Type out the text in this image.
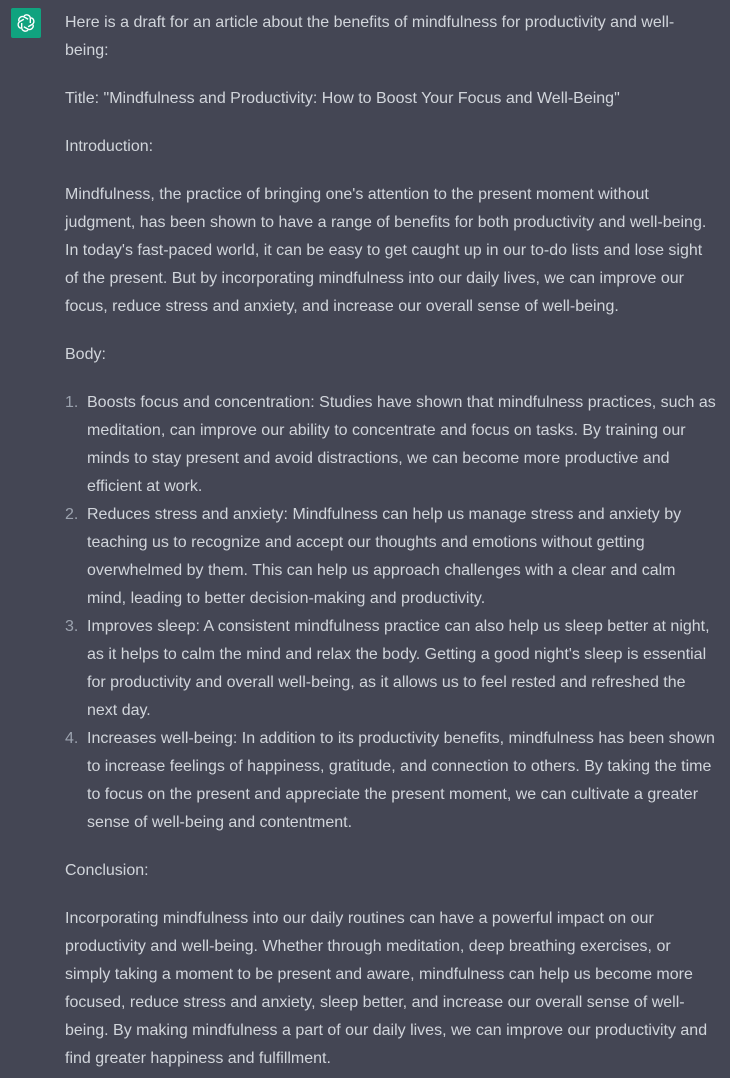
Here is a draft for an article about the benefits of mindfulness for productivity and well-being:

Title: "Mindfulness and Productivity: How to Boost Your Focus and Well-Being"

Introduction:

Mindfulness, the practice of bringing one's attention to the present moment without judgment, has been shown to have a range of benefits for both productivity and well-being. In today's fast-paced world, it can be easy to get caught up in our to-do lists and lose sight of the present. But by incorporating mindfulness into our daily lives, we can improve our focus, reduce stress and anxiety, and increase our overall sense of well-being.

Body:

1. Boosts focus and concentration: Studies have shown that mindfulness practices, such as meditation, can improve our ability to concentrate and focus on tasks. By training our minds to stay present and avoid distractions, we can become more productive and efficient at work.
2. Reduces stress and anxiety: Mindfulness can help us manage stress and anxiety by teaching us to recognize and accept our thoughts and emotions without getting overwhelmed by them. This can help us approach challenges with a clear and calm mind, leading to better decision-making and productivity.
3. Improves sleep: A consistent mindfulness practice can also help us sleep better at night, as it helps to calm the mind and relax the body. Getting a good night's sleep is essential for productivity and overall well-being, as it allows us to feel rested and refreshed the next day.
4. Increases well-being: In addition to its productivity benefits, mindfulness has been shown to increase feelings of happiness, gratitude, and connection to others. By taking the time to focus on the present and appreciate the present moment, we can cultivate a greater sense of well-being and contentment.

Conclusion:

Incorporating mindfulness into our daily routines can have a powerful impact on our productivity and well-being. Whether through meditation, deep breathing exercises, or simply taking a moment to be present and aware, mindfulness can help us become more focused, reduce stress and anxiety, sleep better, and increase our overall sense of well-being. By making mindfulness a part of our daily lives, we can improve our productivity and find greater happiness and fulfillment.
